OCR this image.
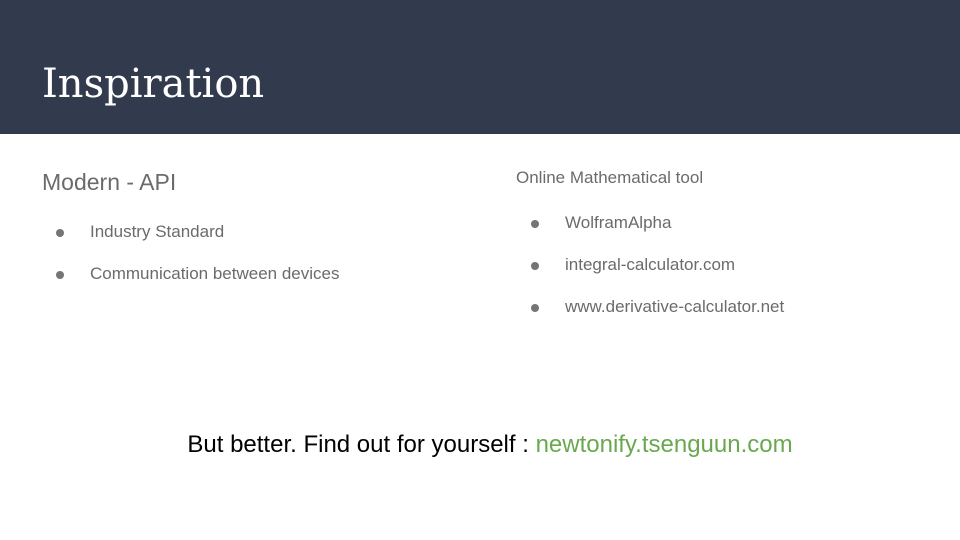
Inspiration
Modern - API
Industry Standard
Communication between devices
Online Mathematical tool
WolframAlpha
integral-calculator.com
www.derivative-calculator.net
But better. Find out for yourself : newtonify.tsenguun.com
